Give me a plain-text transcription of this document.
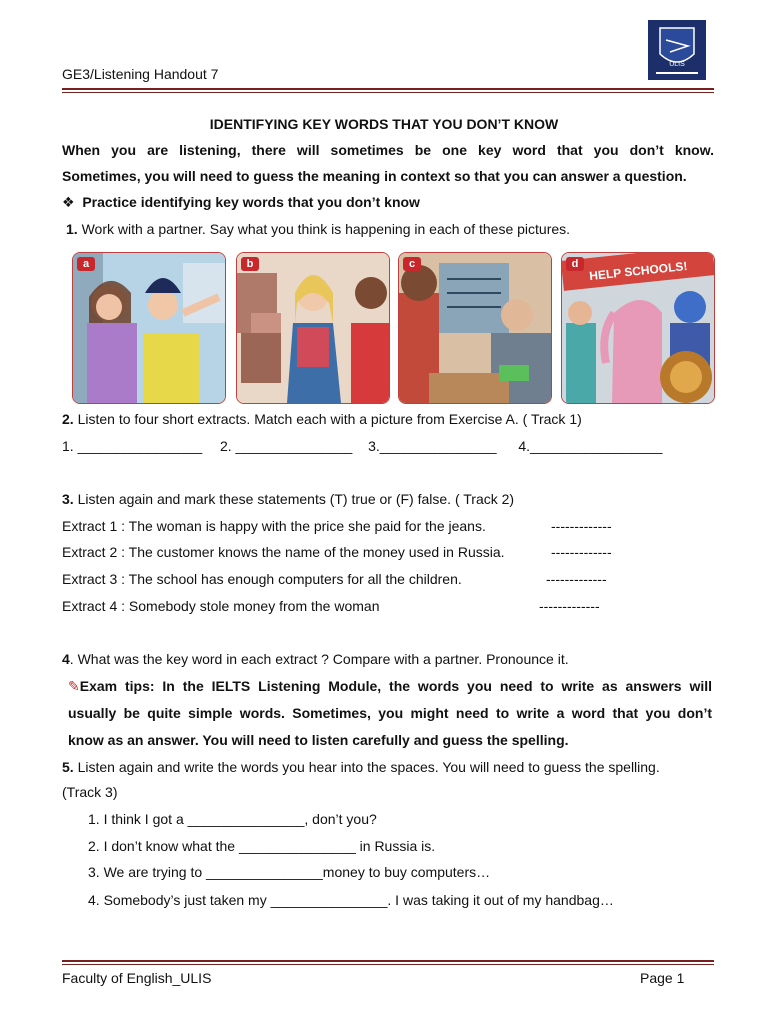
GE3/Listening Handout 7
ULIS
IDENTIFYING KEY WORDS THAT YOU DON’T KNOW
When you are listening, there will sometimes be one key word that you don’t know.
Sometimes, you will need to guess the meaning in context so that you can answer a question.
❖ Practice identifying key words that you don’t know
1. Work with a partner. Say what you think is happening in each of these pictures.
a	b	c	HELP SCHOOLS!
d
2. Listen to four short extracts. Match each with a picture from Exercise A. ( Track 1)
1. ________________ 2. _______________ 3._______________ 4._________________
3. Listen again and mark these statements (T) true or (F) false. ( Track 2)
Extract 1 : The woman is happy with the price she paid for the jeans.	-------------
Extract 2 : The customer knows the name of the money used in Russia.	-------------
Extract 3 : The school has enough computers for all the children.	-------------
Extract 4 : Somebody stole money from the woman	-------------
4. What was the key word in each extract ? Compare with a partner. Pronounce it.
✎Exam tips: In the IELTS Listening Module, the words you need to write as answers will
usually be quite simple words. Sometimes, you might need to write a word that you don’t
know as an answer. You will need to listen carefully and guess the spelling.
5. Listen again and write the words you hear into the spaces. You will need to guess the spelling.
(Track 3)
1. I think I got a _______________, don’t you?
2. I don’t know what the _______________ in Russia is.
3. We are trying to _______________money to buy computers…
4. Somebody’s just taken my _______________. I was taking it out of my handbag…
Faculty of English_ULIS	Page 1
